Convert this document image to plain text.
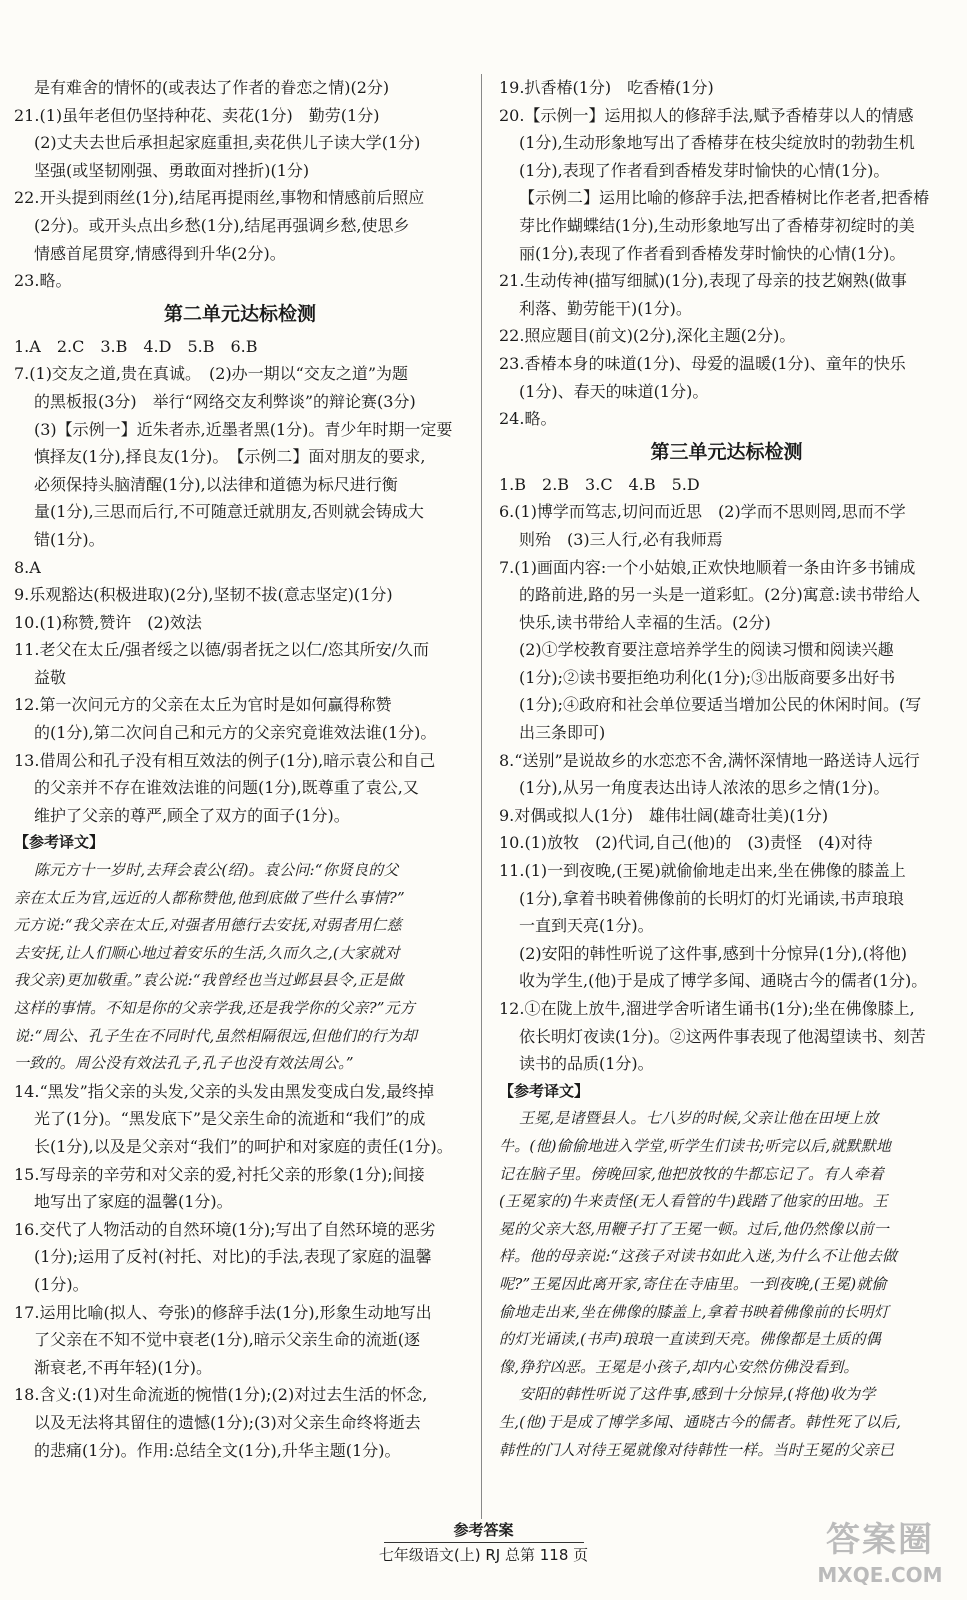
是有难舍的情怀的(或表达了作者的眷恋之情)(2分)
21.(1)虽年老但仍坚持种花、卖花(1分)　勤劳(1分)
(2)丈夫去世后承担起家庭重担,卖花供儿子读大学(1分)
坚强(或坚韧刚强、勇敢面对挫折)(1分)
22.开头提到雨丝(1分),结尾再提雨丝,事物和情感前后照应
(2分)。或开头点出乡愁(1分),结尾再强调乡愁,使思乡
情感首尾贯穿,情感得到升华(2分)。
23.略。
第二单元达标检测
1.A　2.C　3.B　4.D　5.B　6.B
7.(1)交友之道,贵在真诚。　(2)办一期以“交友之道”为题
的黑板报(3分)　举行“网络交友利弊谈”的辩论赛(3分)
(3)【示例一】近朱者赤,近墨者黑(1分)。青少年时期一定要
慎择友(1分),择良友(1分)。　【示例二】面对朋友的要求,
必须保持头脑清醒(1分),以法律和道德为标尺进行衡
量(1分),三思而后行,不可随意迁就朋友,否则就会铸成大
错(1分)。
8.A
9.乐观豁达(积极进取)(2分),坚韧不拔(意志坚定)(1分)
10.(1)称赞,赞许　(2)效法
11.老父在太丘/强者绥之以德/弱者抚之以仁/恣其所安/久而
益敬
12.第一次问元方的父亲在太丘为官时是如何赢得称赞
的(1分),第二次问自己和元方的父亲究竟谁效法谁(1分)。
13.借周公和孔子没有相互效法的例子(1分),暗示袁公和自己
的父亲并不存在谁效法谁的问题(1分),既尊重了袁公,又
维护了父亲的尊严,顾全了双方的面子(1分)。
【参考译文】
陈元方十一岁时,去拜会袁公(绍)。袁公问:“你贤良的父
亲在太丘为官,远近的人都称赞他,他到底做了些什么事情?”
元方说:“我父亲在太丘,对强者用德行去安抚,对弱者用仁慈
去安抚,让人们顺心地过着安乐的生活,久而久之,(大家就对
我父亲)更加敬重。”袁公说:“我曾经也当过邺县县令,正是做
这样的事情。不知是你的父亲学我,还是我学你的父亲?”元方
说:“周公、孔子生在不同时代,虽然相隔很远,但他们的行为却
一致的。周公没有效法孔子,孔子也没有效法周公。”
14.“黑发”指父亲的头发,父亲的头发由黑发变成白发,最终掉
光了(1分)。“黑发底下”是父亲生命的流逝和“我们”的成
长(1分),以及是父亲对“我们”的呵护和对家庭的责任(1分)。
15.写母亲的辛劳和对父亲的爱,衬托父亲的形象(1分);间接
地写出了家庭的温馨(1分)。
16.交代了人物活动的自然环境(1分);写出了自然环境的恶劣
(1分);运用了反衬(衬托、对比)的手法,表现了家庭的温馨
(1分)。
17.运用比喻(拟人、夸张)的修辞手法(1分),形象生动地写出
了父亲在不知不觉中衰老(1分),暗示父亲生命的流逝(逐
渐衰老,不再年轻)(1分)。
18.含义:(1)对生命流逝的惋惜(1分);(2)对过去生活的怀念,
以及无法将其留住的遗憾(1分);(3)对父亲生命终将逝去
的悲痛(1分)。作用:总结全文(1分),升华主题(1分)。
19.扒香椿(1分)　吃香椿(1分)
20.【示例一】运用拟人的修辞手法,赋予香椿芽以人的情感
(1分),生动形象地写出了香椿芽在枝尖绽放时的勃勃生机
(1分),表现了作者看到香椿发芽时愉快的心情(1分)。
【示例二】运用比喻的修辞手法,把香椿树比作老者,把香椿
芽比作蝴蝶结(1分),生动形象地写出了香椿芽初绽时的美
丽(1分),表现了作者看到香椿发芽时愉快的心情(1分)。
21.生动传神(描写细腻)(1分),表现了母亲的技艺娴熟(做事
利落、勤劳能干)(1分)。
22.照应题目(前文)(2分),深化主题(2分)。
23.香椿本身的味道(1分)、母爱的温暖(1分)、童年的快乐
(1分)、春天的味道(1分)。
24.略。
第三单元达标检测
1.B　2.B　3.C　4.B　5.D
6.(1)博学而笃志,切问而近思　(2)学而不思则罔,思而不学
则殆　(3)三人行,必有我师焉
7.(1)画面内容:一个小姑娘,正欢快地顺着一条由许多书铺成
的路前进,路的另一头是一道彩虹。(2分)寓意:读书带给人
快乐,读书带给人幸福的生活。(2分)
(2)①学校教育要注意培养学生的阅读习惯和阅读兴趣
(1分);②读书要拒绝功利化(1分);③出版商要多出好书
(1分);④政府和社会单位要适当增加公民的休闲时间。(写
出三条即可)
8.“送别”是说故乡的水恋恋不舍,满怀深情地一路送诗人远行
(1分),从另一角度表达出诗人浓浓的思乡之情(1分)。
9.对偶或拟人(1分)　雄伟壮阔(雄奇壮美)(1分)
10.(1)放牧　(2)代词,自己(他)的　(3)责怪　(4)对待
11.(1)一到夜晚,(王冕)就偷偷地走出来,坐在佛像的膝盖上
(1分),拿着书映着佛像前的长明灯的灯光诵读,书声琅琅
一直到天亮(1分)。
(2)安阳的韩性听说了这件事,感到十分惊异(1分),(将他)
收为学生,(他)于是成了博学多闻、通晓古今的儒者(1分)。
12.①在陇上放牛,溜进学舍听诸生诵书(1分);坐在佛像膝上,
依长明灯夜读(1分)。②这两件事表现了他渴望读书、刻苦
读书的品质(1分)。
【参考译文】
王冕,是诸暨县人。七八岁的时候,父亲让他在田埂上放
牛。(他)偷偷地进入学堂,听学生们读书;听完以后,就默默地
记在脑子里。傍晚回家,他把放牧的牛都忘记了。有人牵着
(王冕家的)牛来责怪(无人看管的牛)践踏了他家的田地。王
冕的父亲大怒,用鞭子打了王冕一顿。过后,他仍然像以前一
样。他的母亲说:“这孩子对读书如此入迷,为什么不让他去做
呢?”王冕因此离开家,寄住在寺庙里。一到夜晚,(王冕)就偷
偷地走出来,坐在佛像的膝盖上,拿着书映着佛像前的长明灯
的灯光诵读,(书声)琅琅一直读到天亮。佛像都是土质的偶
像,狰狞凶恶。王冕是小孩子,却内心安然仿佛没看到。
安阳的韩性听说了这件事,感到十分惊异,(将他)收为学
生,(他)于是成了博学多闻、通晓古今的儒者。韩性死了以后,
韩性的门人对待王冕就像对待韩性一样。当时王冕的父亲已
参考答案
七年级语文(上) RJ 总第 118 页	答案圈
MXQE.COM
